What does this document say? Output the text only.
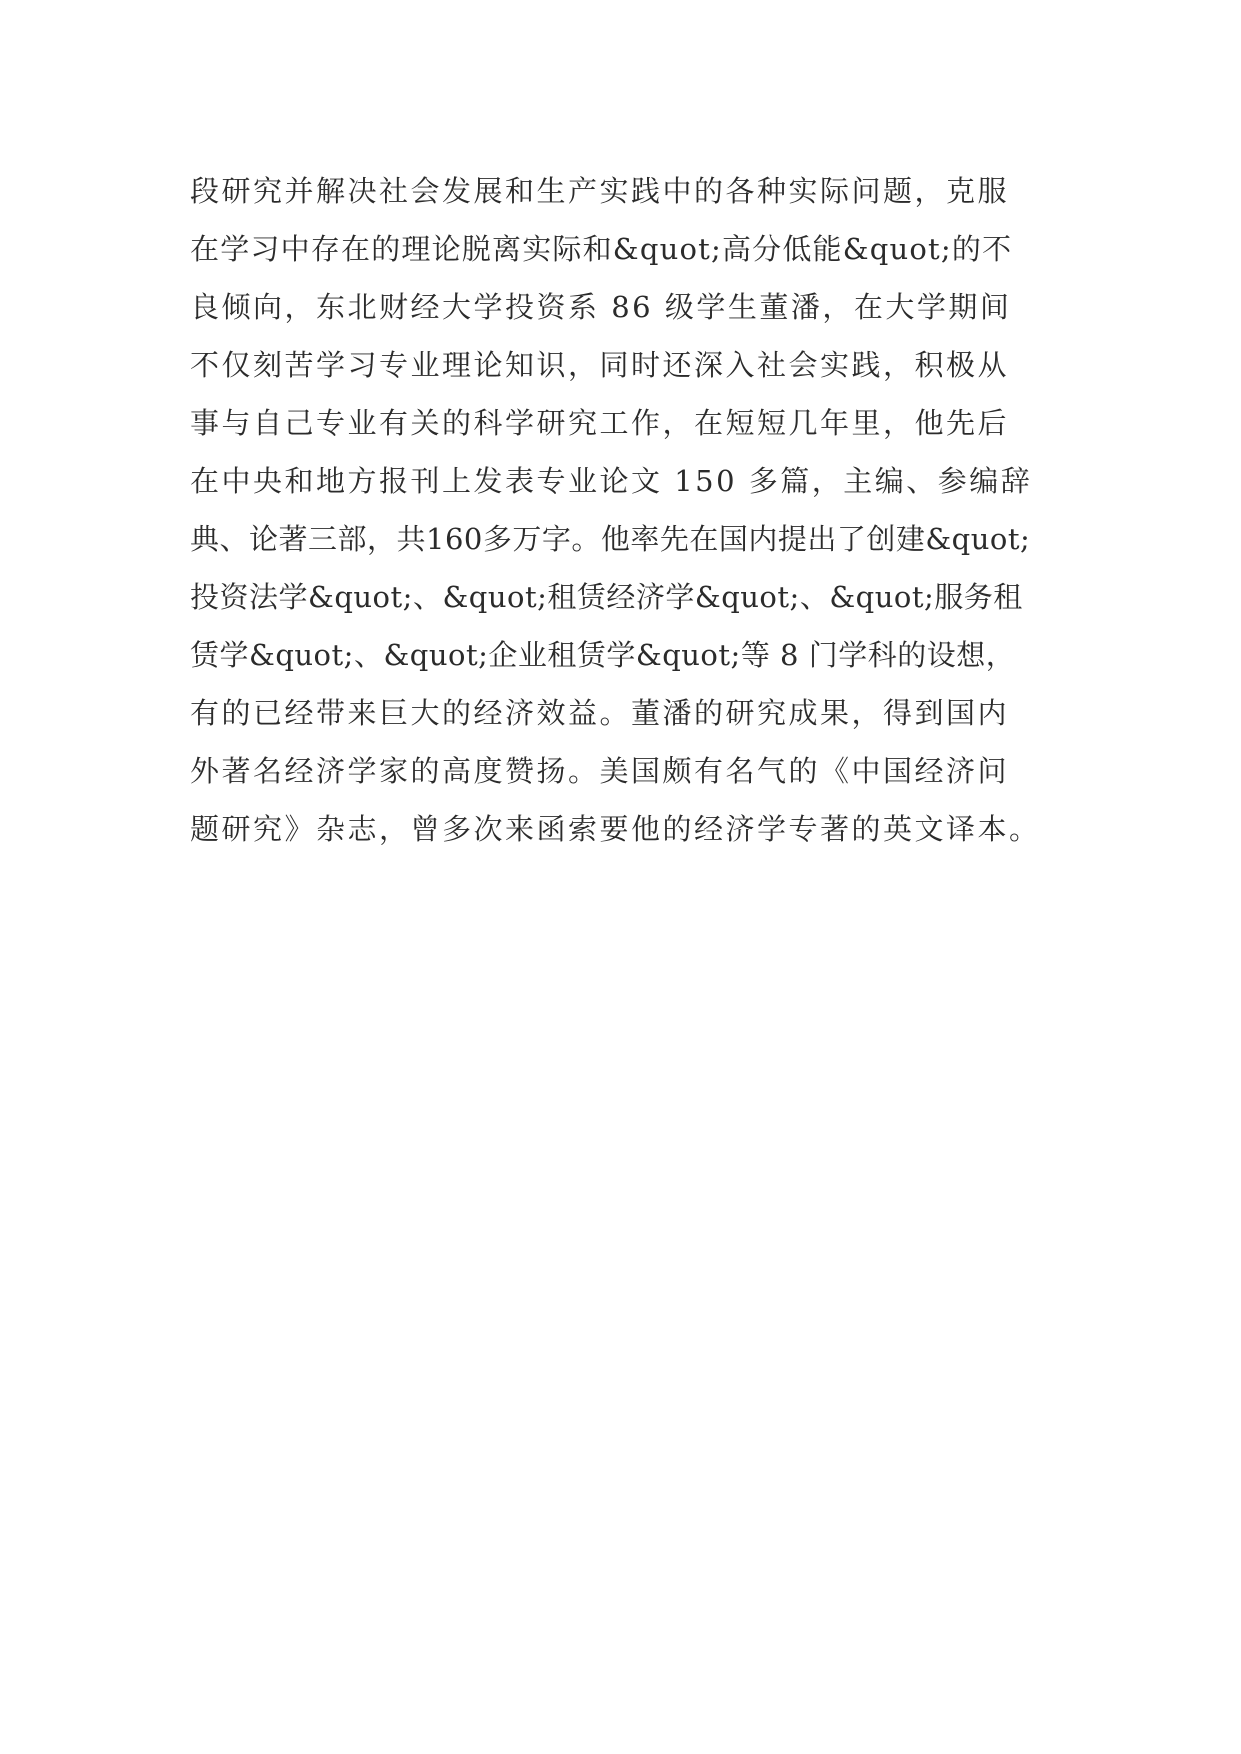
段研究并解决社会发展和生产实践中的各种实际问题，克服
在学习中存在的理论脱离实际和&quot;高分低能&quot;的不
良倾向，东北财经大学投资系 86 级学生董潘，在大学期间
不仅刻苦学习专业理论知识，同时还深入社会实践，积极从
事与自己专业有关的科学研究工作，在短短几年里，他先后
在中央和地方报刊上发表专业论文 150 多篇，主编、参编辞
典、论著三部，共160多万字。他率先在国内提出了创建&quot;
投资法学&quot;、&quot;租赁经济学&quot;、&quot;服务租
赁学&quot;、&quot;企业租赁学&quot;等 8 门学科的设想，
有的已经带来巨大的经济效益。董潘的研究成果，得到国内
外著名经济学家的高度赞扬。美国颇有名气的《中国经济问
题研究》杂志，曾多次来函索要他的经济学专著的英文译本。
